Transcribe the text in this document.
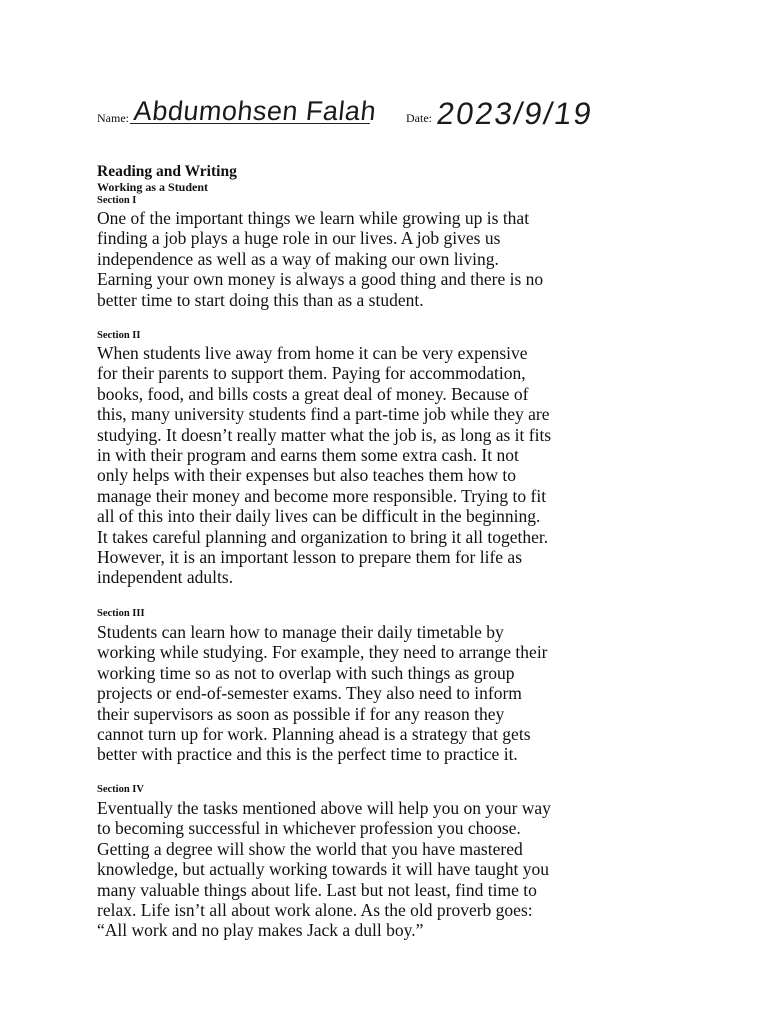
Name: Abdumohsen Falah Date: 2023/9/19
Reading and Writing
Working as a Student
Section I
One of the important things we learn while growing up is that
finding a job plays a huge role in our lives. A job gives us
independence as well as a way of making our own living.
Earning your own money is always a good thing and there is no
better time to start doing this than as a student.
Section II
When students live away from home it can be very expensive
for their parents to support them. Paying for accommodation,
books, food, and bills costs a great deal of money. Because of
this, many university students find a part-time job while they are
studying. It doesn’t really matter what the job is, as long as it fits
in with their program and earns them some extra cash. It not
only helps with their expenses but also teaches them how to
manage their money and become more responsible. Trying to fit
all of this into their daily lives can be difficult in the beginning.
It takes careful planning and organization to bring it all together.
However, it is an important lesson to prepare them for life as
independent adults.
Section III
Students can learn how to manage their daily timetable by
working while studying. For example, they need to arrange their
working time so as not to overlap with such things as group
projects or end-of-semester exams. They also need to inform
their supervisors as soon as possible if for any reason they
cannot turn up for work. Planning ahead is a strategy that gets
better with practice and this is the perfect time to practice it.
Section IV
Eventually the tasks mentioned above will help you on your way
to becoming successful in whichever profession you choose.
Getting a degree will show the world that you have mastered
knowledge, but actually working towards it will have taught you
many valuable things about life. Last but not least, find time to
relax. Life isn’t all about work alone. As the old proverb goes:
“All work and no play makes Jack a dull boy.”
